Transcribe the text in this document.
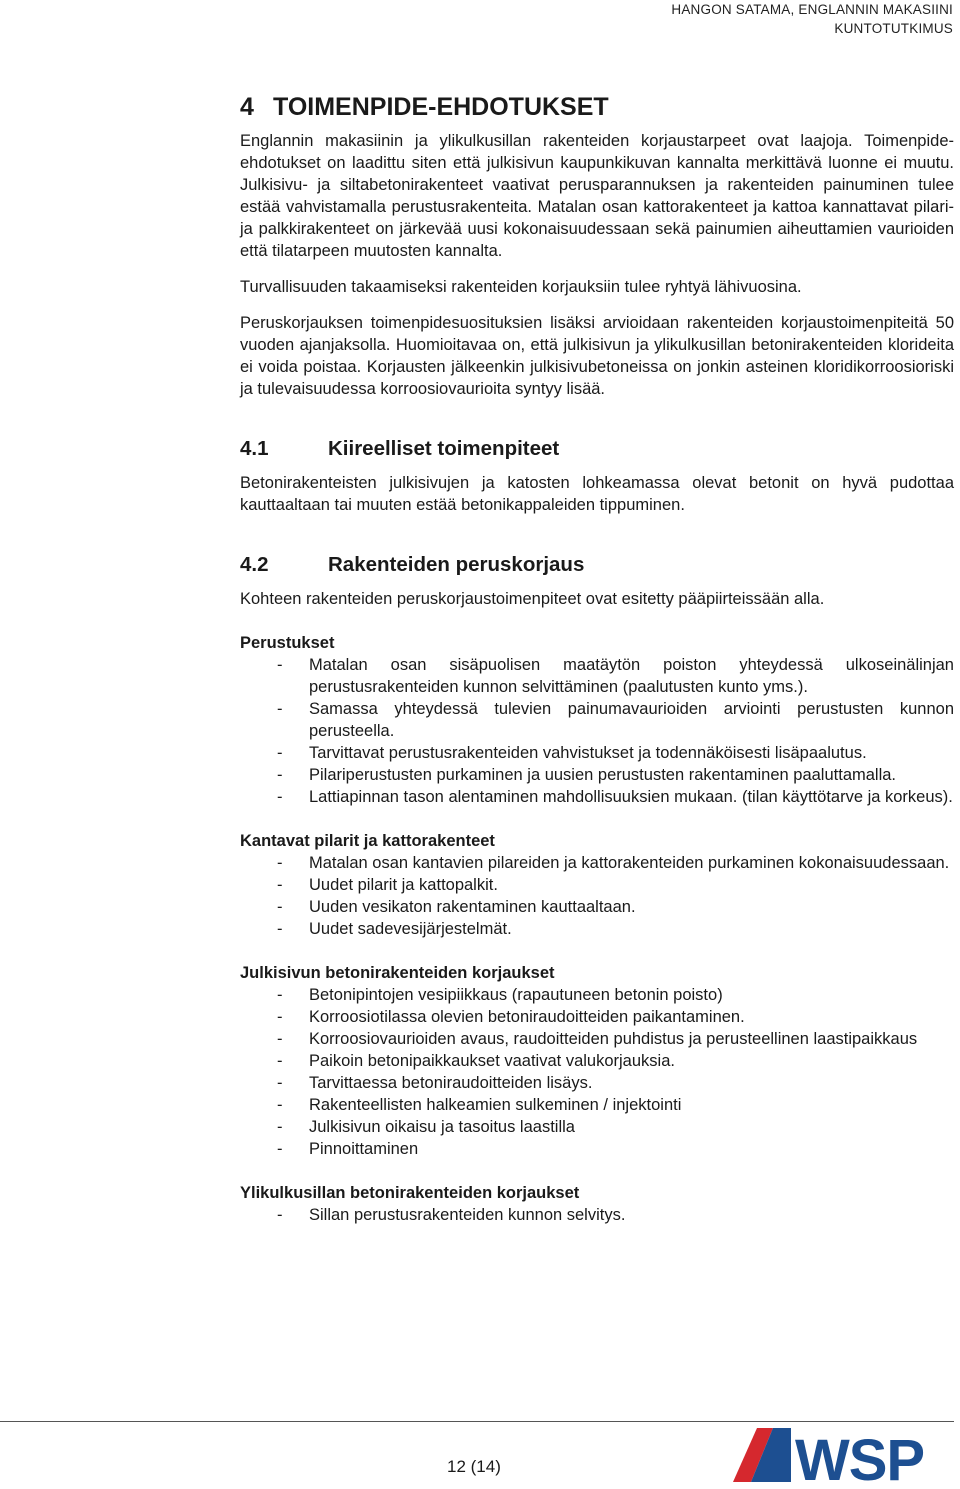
HANGON SATAMA, ENGLANNIN MAKASIINI
KUNTOTUTKIMUS
4 TOIMENPIDE-EHDOTUKSET

Englannin makasiinin ja ylikulkusillan rakenteiden korjaustarpeet ovat laajoja. Toimenpide-ehdotukset on laadittu siten että julkisivun kaupunkikuvan kannalta merkittävä luonne ei muutu. Julkisivu- ja siltabetonirakenteet vaativat perusparannuksen ja rakenteiden painuminen tulee estää vahvistamalla perustusrakenteita. Matalan osan kattorakenteet ja kattoa kannattavat pilari- ja palkkirakenteet on järkevää uusi kokonaisuudessaan sekä painumien aiheuttamien vaurioiden että tilatarpeen muutosten kannalta.

Turvallisuuden takaamiseksi rakenteiden korjauksiin tulee ryhtyä lähivuosina.

Peruskorjauksen toimenpidesuosituksien lisäksi arvioidaan rakenteiden korjaustoimenpiteitä 50 vuoden ajanjaksolla. Huomioitavaa on, että julkisivun ja ylikulkusillan betonirakenteiden klorideita ei voida poistaa. Korjausten jälkeenkin julkisivubetoneissa on jonkin asteinen kloridikorroosioriski ja tulevaisuudessa korroosiovaurioita syntyy lisää.

4.1	Kiireelliset toimenpiteet

Betonirakenteisten julkisivujen ja katosten lohkeamassa olevat betonit on hyvä pudottaa kauttaaltaan tai muuten estää betonikappaleiden tippuminen.

4.2	Rakenteiden peruskorjaus

Kohteen rakenteiden peruskorjaustoimenpiteet ovat esitetty pääpiirteissään alla.

Perustukset
- Matalan osan sisäpuolisen maatäytön poiston yhteydessä ulkoseinälinjan perustusrakenteiden kunnon selvittäminen (paalutusten kunto yms.).
- Samassa yhteydessä tulevien painumavaurioiden arviointi perustusten kunnon perusteella.
- Tarvittavat perustusrakenteiden vahvistukset ja todennäköisesti lisäpaalutus.
- Pilariperustusten purkaminen ja uusien perustusten rakentaminen paaluttamalla.
- Lattiapinnan tason alentaminen mahdollisuuksien mukaan. (tilan käyttötarve ja korkeus).
Kantavat pilarit ja kattorakenteet
- Matalan osan kantavien pilareiden ja kattorakenteiden purkaminen kokonaisuudessaan.
- Uudet pilarit ja kattopalkit.
- Uuden vesikaton rakentaminen kauttaaltaan.
- Uudet sadevesijärjestelmät.
Julkisivun betonirakenteiden korjaukset
- Betonipintojen vesipiikkaus (rapautuneen betonin poisto)
- Korroosiotilassa olevien betoniraudoitteiden paikantaminen.
- Korroosiovaurioiden avaus, raudoitteiden puhdistus ja perusteellinen laastipaikkaus
- Paikoin betonipaikkaukset vaativat valukorjauksia.
- Tarvittaessa betoniraudoitteiden lisäys.
- Rakenteellisten halkeamien sulkeminen / injektointi
- Julkisivun oikaisu ja tasoitus laastilla
- Pinnoittaminen
Ylikulkusillan betonirakenteiden korjaukset
- Sillan perustusrakenteiden kunnon selvitys.
12 (14)	WSP
